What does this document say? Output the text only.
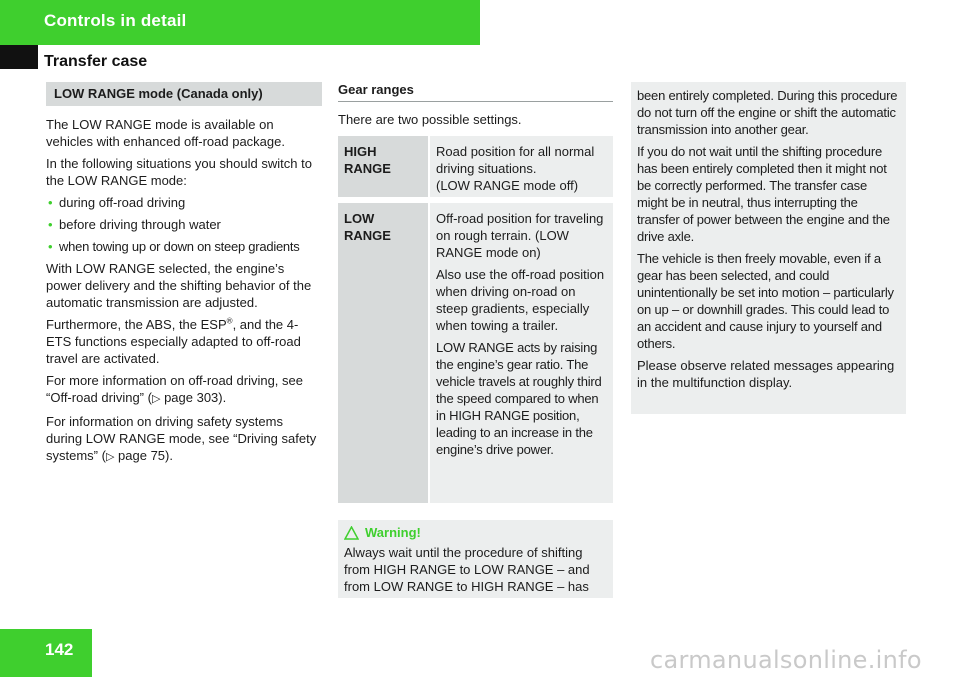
Controls in detail
Transfer case
LOW RANGE mode (Canada only)

The LOW RANGE mode is available on vehicles with enhanced off-road package.

In the following situations you should switch to the LOW RANGE mode:

• during off-road driving
• before driving through water
• when towing up or down on steep gradients

With LOW RANGE selected, the engine’s power delivery and the shifting behavior of the automatic transmission are adjusted.

Furthermore, the ABS, the ESP®, and the 4-ETS functions especially adapted to off-road travel are activated.

For more information on off-road driving, see “Off-road driving” (▷ page 303).

For information on driving safety systems during LOW RANGE mode, see “Driving safety systems” (▷ page 75).

Gear ranges

There are two possible settings.

HIGH RANGE
Road position for all normal driving situations.
(LOW RANGE mode off)
LOW RANGE

Off-road position for traveling on rough terrain. (LOW RANGE mode on)

Also use the off-road position when driving on-road on steep gradients, especially when towing a trailer.

LOW RANGE acts by raising the engine’s gear ratio. The vehicle travels at roughly third the speed compared to when in HIGH RANGE position, leading to an increase in the engine’s drive power.

Warning!

Always wait until the procedure of shifting from HIGH RANGE to LOW RANGE – and from LOW RANGE to HIGH RANGE – has

been entirely completed. During this procedure do not turn off the engine or shift the automatic transmission into another gear.

If you do not wait until the shifting procedure has been entirely completed then it might not be correctly performed. The transfer case might be in neutral, thus interrupting the transfer of power between the engine and the drive axle.

The vehicle is then freely movable, even if a gear has been selected, and could unintentionally be set into motion – particularly on up – or downhill grades. This could lead to an accident and cause injury to yourself and others.

Please observe related messages appearing in the multifunction display.

142	carmanualsonline.info
